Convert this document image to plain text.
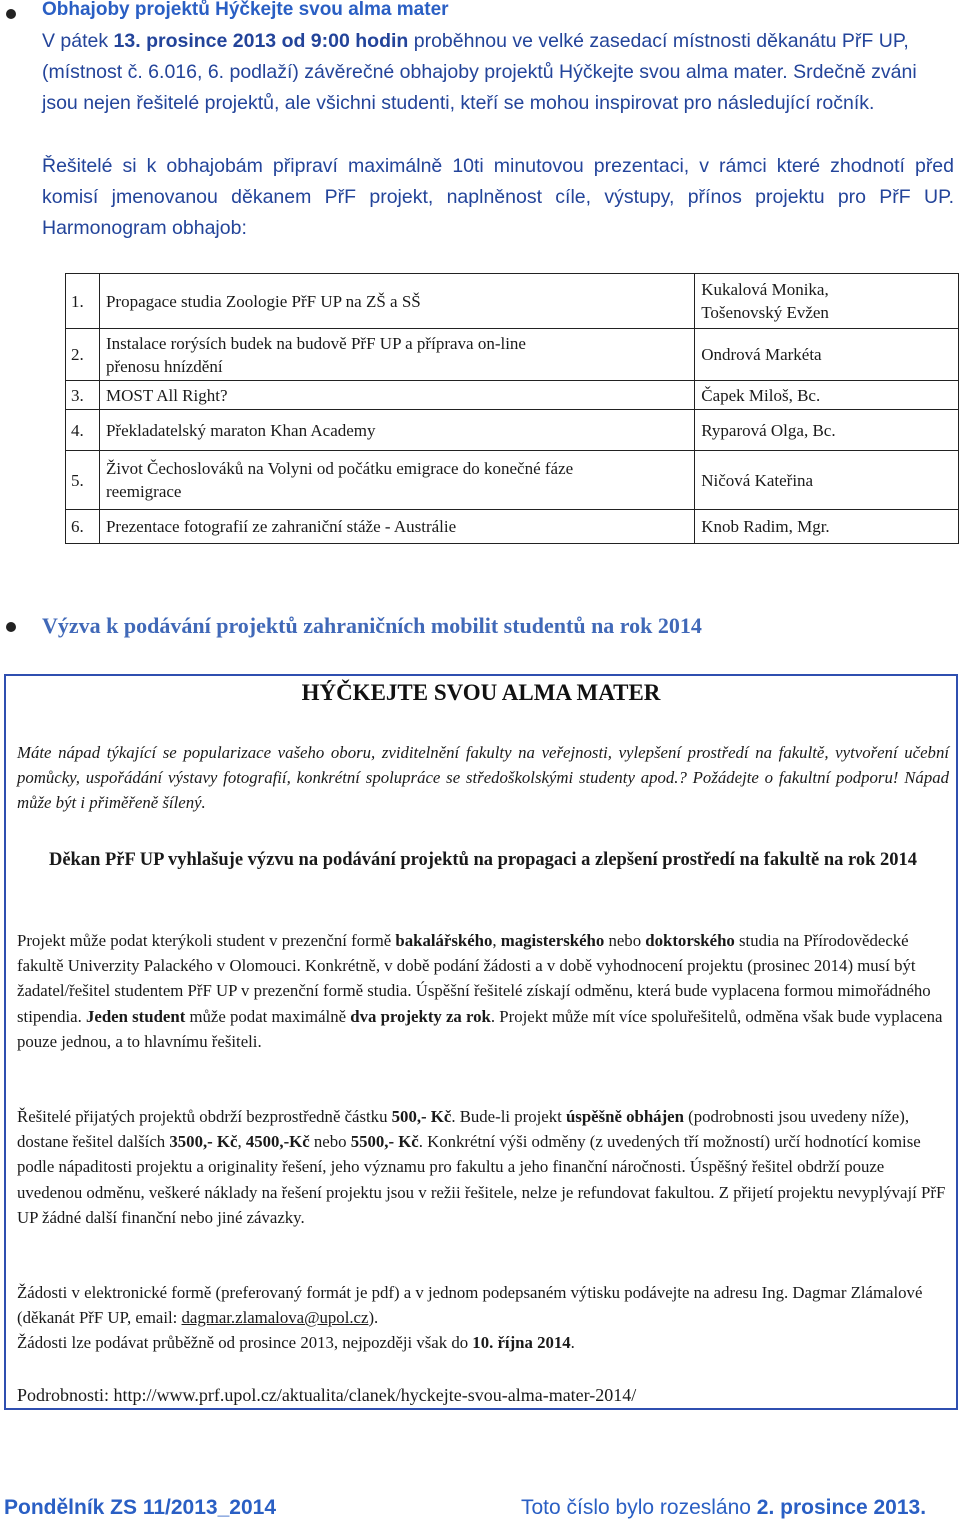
Obhajoby projektů Hýčkejte svou alma mater
V pátek 13. prosince 2013 od 9:00 hodin proběhnou ve velké zasedací místnosti děkanátu PřF UP, (místnost č. 6.016, 6. podlaží) závěrečné obhajoby projektů Hýčkejte svou alma mater. Srdečně zváni jsou nejen řešitelé projektů, ale všichni studenti, kteří se mohou inspirovat pro následující ročník.
Řešitelé si k obhajobám připraví maximálně 10ti minutovou prezentaci, v rámci které zhodnotí před komisí jmenovanou děkanem PřF projekt, naplněnost cíle, výstupy, přínos projektu pro PřF UP. Harmonogram obhajob:
1.	Propagace studia Zoologie PřF UP na ZŠ a SŠ	Kukalová Monika,
Tošenovský Evžen

2.	Instalace rorýsích budek na budově PřF UP a příprava on-line
přenosu hnízdění	Ondrová Markéta
3.	MOST All Right?	Čapek Miloš, Bc.
4.	Překladatelský maraton Khan Academy	Ryparová Olga, Bc.
5.	Život Čechoslováků na Volyni od počátku emigrace do konečné fáze
reemigrace	Ničová Kateřina
6.	Prezentace fotografií ze zahraniční stáže - Austrálie	Knob Radim, Mgr.
Výzva k podávání projektů zahraničních mobilit studentů na rok 2014
HÝČKEJTE SVOU ALMA MATER
Máte nápad týkající se popularizace vašeho oboru, zviditelnění fakulty na veřejnosti, vylepšení prostředí na fakultě, vytvoření učební pomůcky, uspořádání výstavy fotografií, konkrétní spolupráce se středoškolskými studenty apod.? Požádejte o fakultní podporu! Nápad může být i přiměřeně šílený.
Děkan PřF UP vyhlašuje výzvu na podávání projektů na propagaci a zlepšení prostředí na fakultě na rok 2014
Projekt může podat kterýkoli student v prezenční formě bakalářského, magisterského nebo doktorského studia na Přírodovědecké fakultě Univerzity Palackého v Olomouci. Konkrétně, v době podání žádosti a v době vyhodnocení projektu (prosinec 2014) musí být žadatel/řešitel studentem PřF UP v prezenční formě studia. Úspěšní řešitelé získají odměnu, která bude vyplacena formou mimořádného stipendia. Jeden student může podat maximálně dva projekty za rok. Projekt může mít více spoluřešitelů, odměna však bude vyplacena pouze jednou, a to hlavnímu řešiteli.
Řešitelé přijatých projektů obdrží bezprostředně částku 500,- Kč. Bude-li projekt úspěšně obhájen (podrobnosti jsou uvedeny níže), dostane řešitel dalších 3500,- Kč, 4500,-Kč nebo 5500,- Kč. Konkrétní výši odměny (z uvedených tří možností) určí hodnotící komise podle nápaditosti projektu a originality řešení, jeho významu pro fakultu a jeho finanční náročnosti. Úspěšný řešitel obdrží pouze uvedenou odměnu, veškeré náklady na řešení projektu jsou v režii řešitele, nelze je refundovat fakultou. Z přijetí projektu nevyplývají PřF UP žádné další finanční nebo jiné závazky.
Žádosti v elektronické formě (preferovaný formát je pdf) a v jednom podepsaném výtisku podávejte na adresu Ing. Dagmar Zlámalové (děkanát PřF UP, email: dagmar.zlamalova@upol.cz).
Žádosti lze podávat průběžně od prosince 2013, nejpozději však do 10. října 2014.
Podrobnosti: http://www.prf.upol.cz/aktualita/clanek/hyckejte-svou-alma-mater-2014/
Pondělník ZS 11/2013_2014	Toto číslo bylo rozesláno 2. prosince 2013.
